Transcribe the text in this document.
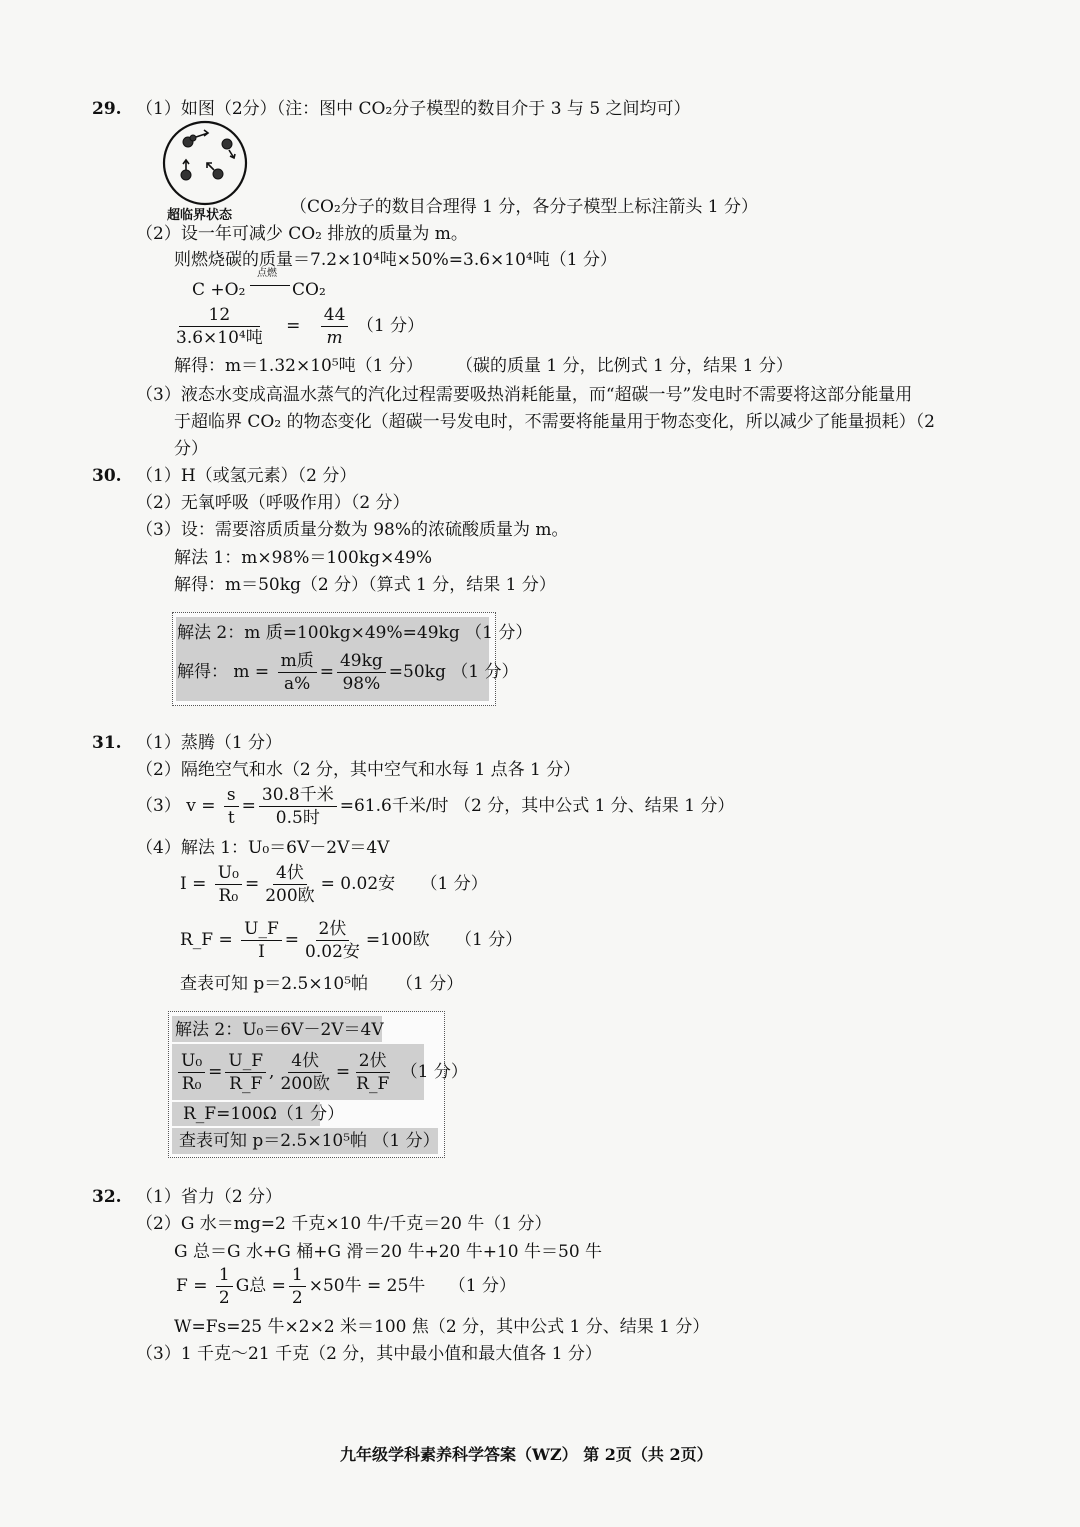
29. （1）如图（2分）（注：图中 CO₂分子模型的数目介于 3 与 5 之间均可）
超临界状态	（CO₂分子的数目合理得 1 分，各分子模型上标注箭头 1 分）
（2）设一年可减少 CO₂ 排放的质量为 m。
则燃烧碳的质量＝7.2×10⁴吨×50%=3.6×10⁴吨（1 分）
C +O₂
点燃
CO₂
$\frac{12}{\text{3.6×10⁴吨}} = \frac{44}{m} (1$ 分）
解得：m＝1.32×10⁵吨（1 分） （碳的质量 1 分，比例式 1 分，结果 1 分）
（3）液态水变成高温水蒸气的汽化过程需要吸热消耗能量，而“超碳一号”发电时不需要将这部分能量用
于超临界 CO₂ 的物态变化（超碳一号发电时，不需要将能量用于物态变化，所以减少了能量损耗）（2
分）
30. （1）H（或氢元素）（2 分）
（2）无氧呼吸（呼吸作用）（2 分）
（3）设：需要溶质质量分数为 98%的浓硫酸质量为 m。
解法 1：m×98%＝100kg×49%
解得：m＝50kg（2 分）（算式 1 分，结果 1 分）
解法 2：m 质=100kg×49%=49kg （1 分）
解得： $m = \frac{\text{m质}}{a\%} = \frac{49kg}{98\%} =50kg$ （1 分）
31. （1）蒸腾（1 分）
（2）隔绝空气和水（2 分，其中空气和水每 1 点各 1 分）
（3） $v = \frac{s}{t} = \frac{\text{30.8千米}}{\text{0.5时}} =61.6$千米/时 （2 分，其中公式 1 分、结果 1 分）
（4）解法 1：U₀＝6V－2V＝4V
$I = \frac{\text{U₀}}{\text{R₀}} = \frac{\text{4伏}}{\text{200欧}} = 0.02$安 （1 分）
R_F = $\frac{U\_F}{I} = \frac{\text{2伏}}{\text{0.02安}} =100$欧 （1 分）
查表可知 p＝2.5×10⁵帕 （1 分）
解法 2：U₀＝6V－2V＝4V
$\frac{\text{U₀}}{\text{R₀}} = \frac{U\_F}{R\_F}$ , $\frac{\text{4伏}}{\text{200欧}} = \frac{\text{2伏}}{R\_F} (1$ 分）
R_F=100Ω（1 分）
查表可知 p＝2.5×10⁵帕 （1 分）
32. （1）省力（2 分）
（2）G 水＝mg=2 千克×10 牛/千克＝20 牛（1 分）
G 总＝G 水+G 桶+G 滑＝20 牛+20 牛+10 牛＝50 牛
$F = \frac{1}{2}$ G总 = $\frac{1}{2} \times 50$牛 = 25牛 （1 分）
W=Fs=25 牛×2×2 米＝100 焦（2 分，其中公式 1 分、结果 1 分）
（3）1 千克～21 千克（2 分，其中最小值和最大值各 1 分）
九年级学科素养科学答案（WZ） 第 2页（共 2页）
